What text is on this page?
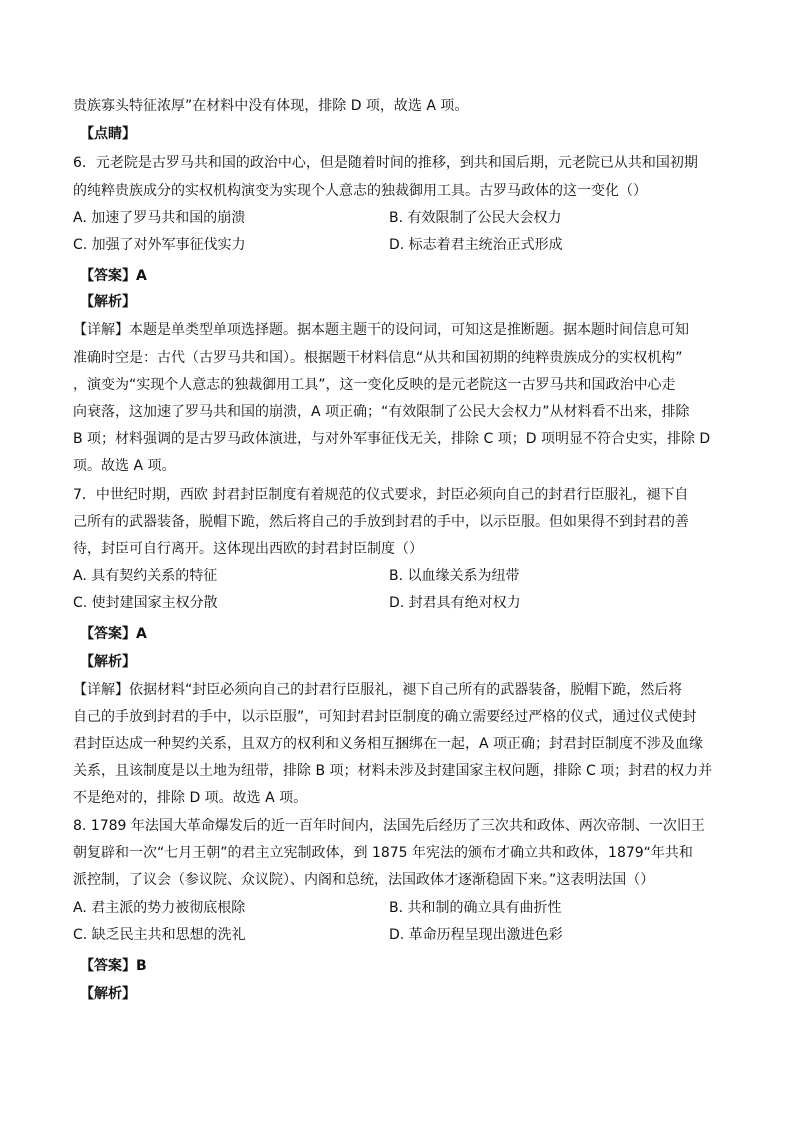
贵族寡头特征浓厚”在材料中没有体现，排除 D 项，故选 A 项。
【点睛】
6．元老院是古罗马共和国的政治中心，但是随着时间的推移，到共和国后期，元老院已从共和国初期
的纯粹贵族成分的实权机构演变为实现个人意志的独裁御用工具。古罗马政体的这一变化（）
A. 加速了罗马共和国的崩溃	B. 有效限制了公民大会权力
C. 加强了对外军事征伐实力	D. 标志着君主统治正式形成
【答案】A
【解析】
【详解】本题是单类型单项选择题。据本题主题干的设问词，可知这是推断题。据本题时间信息可知
准确时空是：古代（古罗马共和国）。根据题干材料信息“从共和国初期的纯粹贵族成分的实权机构”
，演变为“实现个人意志的独裁御用工具”，这一变化反映的是元老院这一古罗马共和国政治中心走
向衰落，这加速了罗马共和国的崩溃，A 项正确；“有效限制了公民大会权力”从材料看不出来，排除
B 项；材料强调的是古罗马政体演进，与对外军事征伐无关，排除 C 项；D 项明显不符合史实，排除 D
项。故选 A 项。
7．中世纪时期，西欧 封君封臣制度有着规范的仪式要求，封臣必须向自己的封君行臣服礼，褪下自
己所有的武器装备，脱帽下跪，然后将自己的手放到封君的手中，以示臣服。但如果得不到封君的善
待，封臣可自行离开。这体现出西欧的封君封臣制度（）
A. 具有契约关系的特征	B. 以血缘关系为纽带
C. 使封建国家主权分散	D. 封君具有绝对权力
【答案】A
【解析】
【详解】依据材料“封臣必须向自己的封君行臣服礼，褪下自己所有的武器装备，脱帽下跪，然后将
自己的手放到封君的手中，以示臣服”，可知封君封臣制度的确立需要经过严格的仪式，通过仪式使封
君封臣达成一种契约关系，且双方的权利和义务相互捆绑在一起，A 项正确；封君封臣制度不涉及血缘
关系，且该制度是以土地为纽带，排除 B 项；材料未涉及封建国家主权问题，排除 C 项；封君的权力并
不是绝对的，排除 D 项。故选 A 项。
8. 1789 年法国大革命爆发后的近一百年时间内，法国先后经历了三次共和政体、两次帝制、一次旧王
朝复辟和一次“七月王朝”的君主立宪制政体，到 1875 年宪法的颁布才确立共和政体，1879“年共和
派控制，了议会（参议院、众议院）、内阁和总统，法国政体才逐渐稳固下来。”这表明法国（）
A. 君主派的势力被彻底根除	B. 共和制的确立具有曲折性
C. 缺乏民主共和思想的洗礼	D. 革命历程呈现出激进色彩
【答案】B
【解析】
